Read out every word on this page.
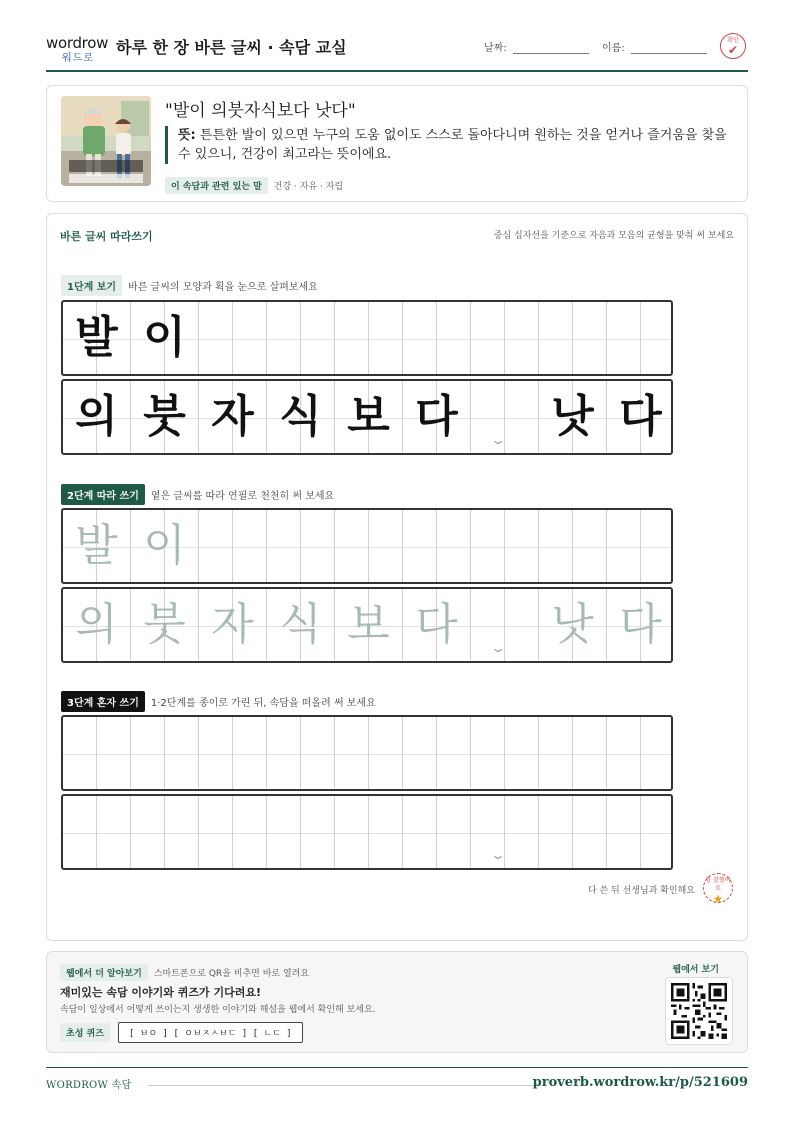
wordrow
워드로
하루 한 장 바른 글씨 · 속담 교실	날짜:	이름:
확인
✔
"발이 의붓자식보다 낫다"
뜻: 튼튼한 발이 있으면 누구의 도움 없이도 스스로 돌아다니며 원하는 것을 얻거나 즐거움을 찾을 수 있으니, 건강이 최고라는 뜻이에요.
이 속담과 관련 있는 말 건강 · 자유 · 자립
바른 글씨 따라쓰기	중심 십자선을 기준으로 자음과 모음의 균형을 맞춰 써 보세요
1단계 보기 바른 글씨의 모양과 획을 눈으로 살펴보세요
발 이
의 붓 자 식 보 다	낫 다
⌄
2단계 따라 쓰기 옅은 글씨를 따라 연필로 천천히 써 보세요
발 이
의 붓 자 식 보 다	낫 다
⌄
3단계 혼자 쓰기 1·2단계를 종이로 가린 뒤, 속담을 떠올려 써 보세요
⌄
다 쓴 뒤 선생님과 확인해요
참 잘했어요
★
웹에서 더 알아보기 스마트폰으로 QR을 비추면 바로 열려요
재미있는 속담 이야기와 퀴즈가 기다려요!
속담이 일상에서 어떻게 쓰이는지 생생한 이야기와 해설을 웹에서 확인해 보세요.
초성 퀴즈	[ ㅂㅇ ] [ ㅇㅂㅈㅅㅂㄷ ] [ ㄴㄷ ]
웹에서 보기
WORDROW 속담	proverb.wordrow.kr/p/521609
